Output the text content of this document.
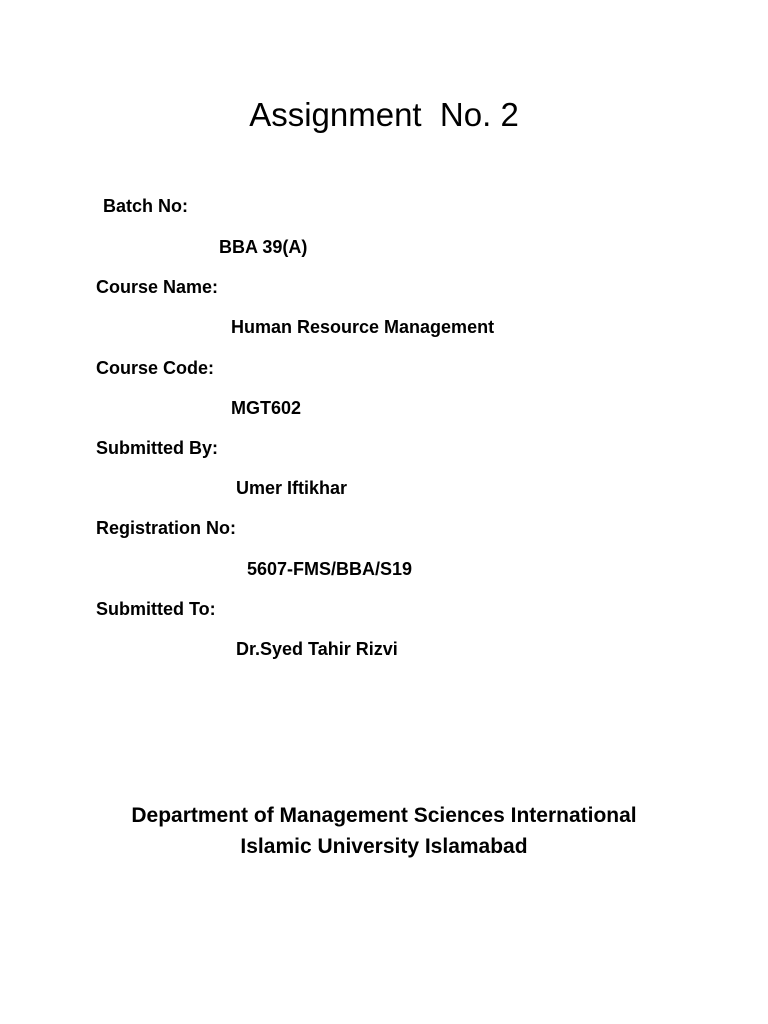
Assignment  No. 2
Batch No:
BBA 39(A)
Course Name:
Human Resource Management
Course Code:
MGT602
Submitted By:
Umer Iftikhar
Registration No:
5607-FMS/BBA/S19
Submitted To:
Dr.Syed Tahir Rizvi
Department of Management Sciences International
Islamic University Islamabad
